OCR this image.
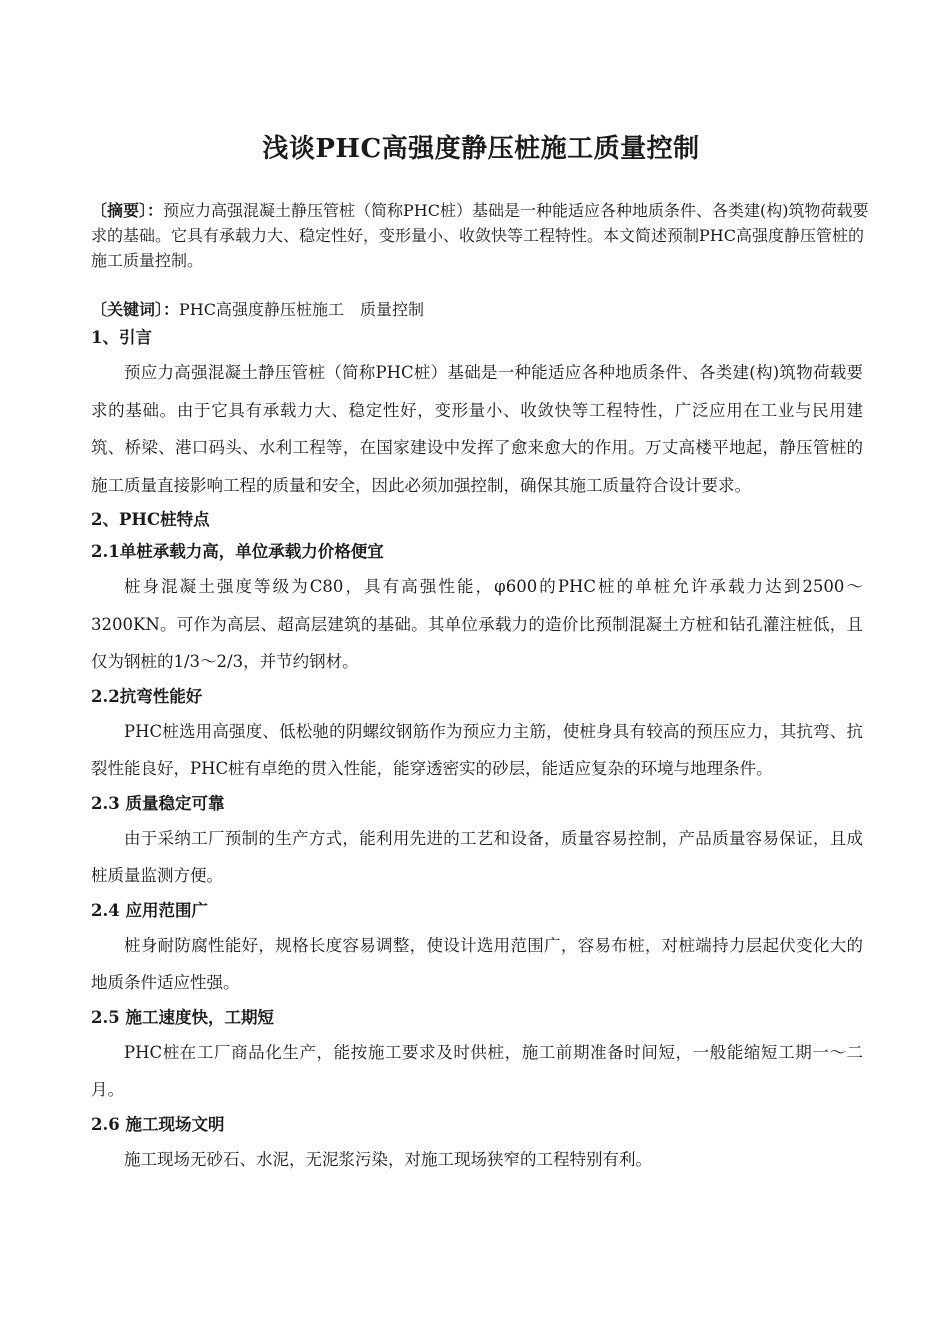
浅谈PHC高强度静压桩施工质量控制
〔摘要〕：预应力高强混凝土静压管桩（简称PHC桩）基础是一种能适应各种地质条件、各类建(构)筑物荷载要求的基础。它具有承载力大、稳定性好，变形量小、收敛快等工程特性。本文简述预制PHC高强度静压管桩的施工质量控制。
〔关键词〕：PHC高强度静压桩施工　质量控制
1、引言
预应力高强混凝土静压管桩（简称PHC桩）基础是一种能适应各种地质条件、各类建(构)筑物荷载要求的基础。由于它具有承载力大、稳定性好，变形量小、收敛快等工程特性，广泛应用在工业与民用建筑、桥梁、港口码头、水利工程等，在国家建设中发挥了愈来愈大的作用。万丈高楼平地起，静压管桩的施工质量直接影响工程的质量和安全，因此必须加强控制，确保其施工质量符合设计要求。
2、PHC桩特点
2.1单桩承载力高，单位承载力价格便宜
桩身混凝土强度等级为C80，具有高强性能，φ600的PHC桩的单桩允许承载力达到2500～3200KN。可作为高层、超高层建筑的基础。其单位承载力的造价比预制混凝土方桩和钻孔灌注桩低，且仅为钢桩的1/3～2/3，并节约钢材。
2.2抗弯性能好
PHC桩选用高强度、低松驰的阴螺纹钢筋作为预应力主筋，使桩身具有较高的预压应力，其抗弯、抗裂性能良好，PHC桩有卓绝的贯入性能，能穿透密实的砂层，能适应复杂的环境与地理条件。
2.3 质量稳定可靠
由于采纳工厂预制的生产方式，能利用先进的工艺和设备，质量容易控制，产品质量容易保证，且成桩质量监测方便。
2.4 应用范围广
桩身耐防腐性能好，规格长度容易调整，使设计选用范围广，容易布桩，对桩端持力层起伏变化大的地质条件适应性强。
2.5 施工速度快，工期短
PHC桩在工厂商品化生产，能按施工要求及时供桩，施工前期准备时间短，一般能缩短工期一～二月。
2.6 施工现场文明
施工现场无砂石、水泥，无泥浆污染，对施工现场狭窄的工程特别有利。
